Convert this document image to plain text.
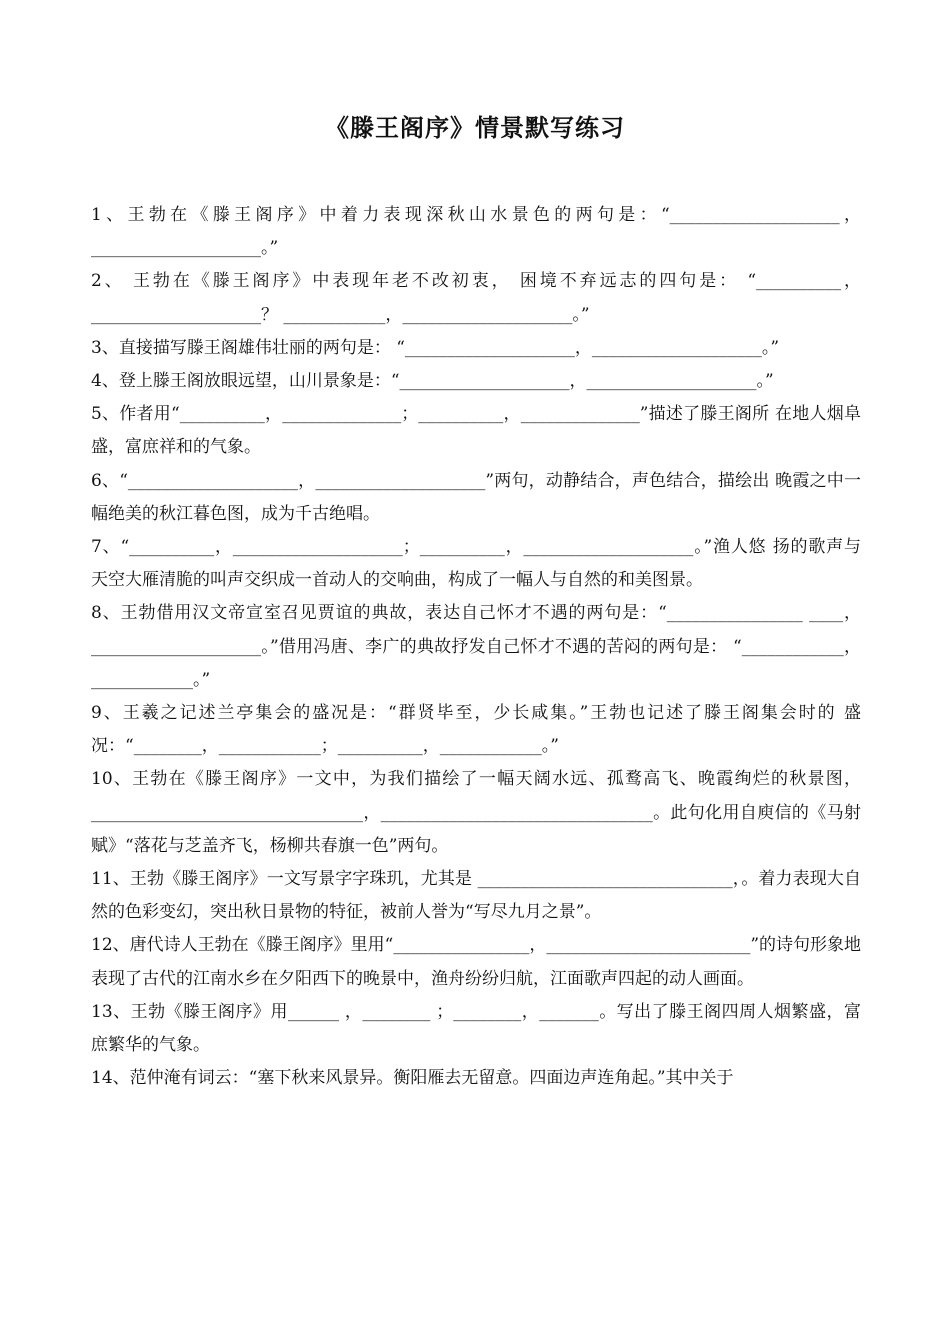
《滕王阁序》情景默写练习

1、王勃在《滕王阁序》中着力表现深秋山水景色的两句是：“____________________，____________________。”

2、 王勃在《滕王阁序》中表现年老不改初衷， 困境不弃远志的四句是： “__________，____________________？ ____________，____________________。”

3、直接描写滕王阁雄伟壮丽的两句是： “____________________，____________________。”

4、登上滕王阁放眼远望，山川景象是：“____________________，____________________。”

5、作者用“__________，______________；__________，______________”描述了滕王阁所 在地人烟阜盛，富庶祥和的气象。

6、“____________________，____________________”两句，动静结合，声色结合，描绘出 晚霞之中一幅绝美的秋江暮色图，成为千古绝唱。

7、“__________，____________________；__________，____________________。”渔人悠 扬的歌声与天空大雁清脆的叫声交织成一首动人的交响曲，构成了一幅人与自然的和美图景。

8、王勃借用汉文帝宣室召见贾谊的典故，表达自己怀才不遇的两句是：“________________ ____，____________________。”借用冯唐、李广的典故抒发自己怀才不遇的苦闷的两句是： “____________，____________。”

9、王羲之记述兰亭集会的盛况是：“群贤毕至，少长咸集。”王勃也记述了滕王阁集会时的 盛况：“________，____________；__________，____________。”

10、王勃在《滕王阁序》一文中，为我们描绘了一幅天阔水远、孤鹜高飞、晚霞绚烂的秋景图，________________________________，________________________________。此句化用自庾信的《马射赋》“落花与芝盖齐飞，杨柳共春旗一色”两句。

11、王勃《滕王阁序》一文写景字字珠玑，尤其是 ______________________________，。着力表现大自然的色彩变幻，突出秋日景物的特征，被前人誉为“写尽九月之景”。

12、唐代诗人王勃在《滕王阁序》里用“________________，________________________”的诗句形象地表现了古代的江南水乡在夕阳西下的晚景中，渔舟纷纷归航，江面歌声四起的动人画面。

13、王勃《滕王阁序》用______ ，________ ；________，_______。写出了滕王阁四周人烟繁盛，富庶繁华的气象。

14、范仲淹有词云：“塞下秋来风景异。衡阳雁去无留意。四面边声连角起。”其中关于
